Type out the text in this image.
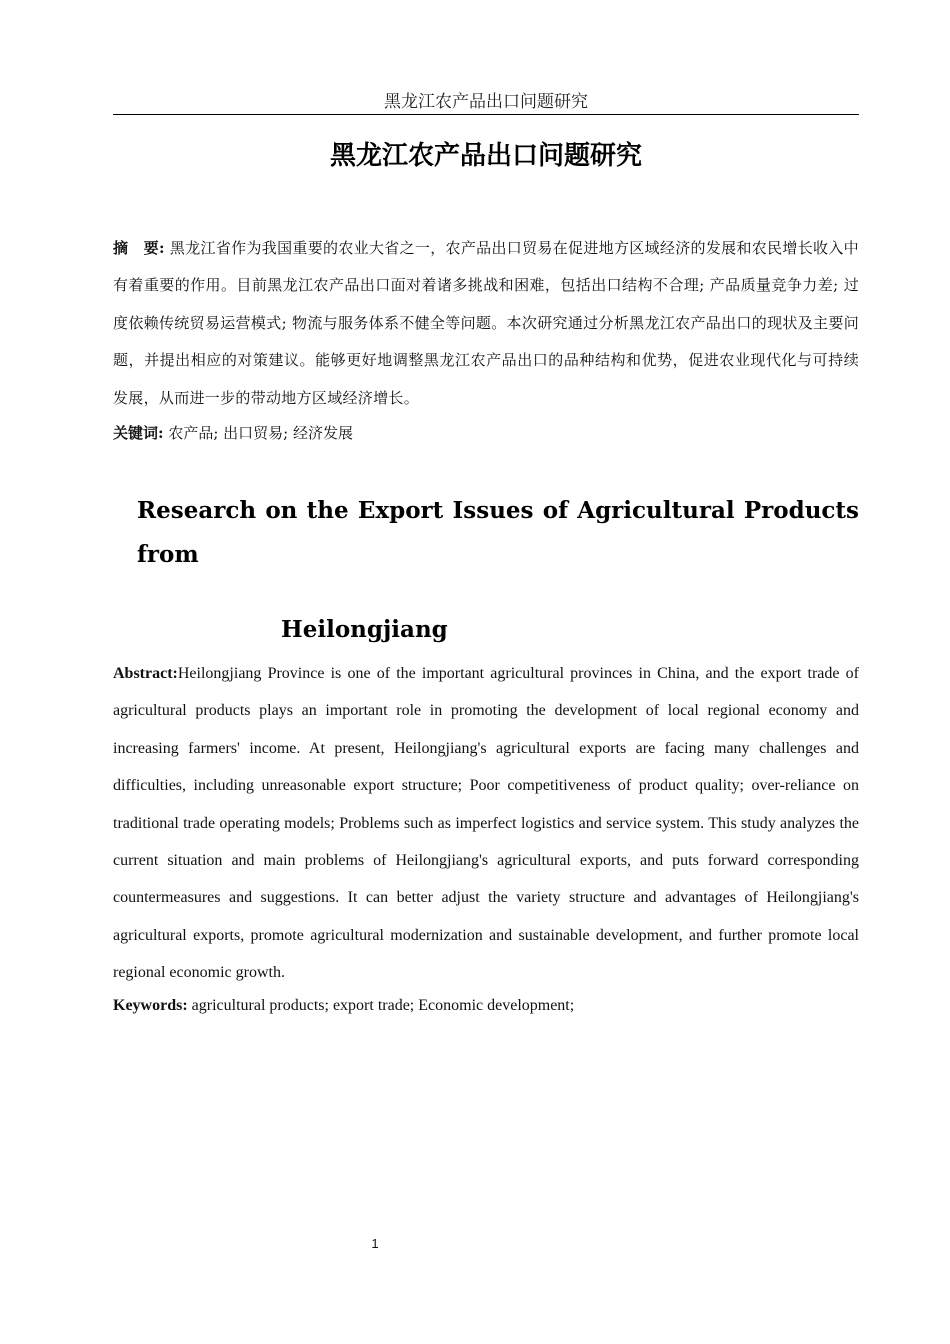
黑龙江农产品出口问题研究
黑龙江农产品出口问题研究
摘　要: 黑龙江省作为我国重要的农业大省之一，农产品出口贸易在促进地方区域经济的发展和农民增长收入中有着重要的作用。目前黑龙江农产品出口面对着诸多挑战和困难，包括出口结构不合理; 产品质量竞争力差; 过度依赖传统贸易运营模式; 物流与服务体系不健全等问题。本次研究通过分析黑龙江农产品出口的现状及主要问题，并提出相应的对策建议。能够更好地调整黑龙江农产品出口的品种结构和优势，促进农业现代化与可持续发展，从而进一步的带动地方区域经济增长。
关键词: 农产品; 出口贸易; 经济发展
Research on the Export Issues of Agricultural Products from
Heilongjiang
Abstract:Heilongjiang Province is one of the important agricultural provinces in China, and the export trade of agricultural products plays an important role in promoting the development of local regional economy and increasing farmers' income. At present, Heilongjiang's agricultural exports are facing many challenges and difficulties, including unreasonable export structure; Poor competitiveness of product quality; over-reliance on traditional trade operating models; Problems such as imperfect logistics and service system. This study analyzes the current situation and main problems of Heilongjiang's agricultural exports, and puts forward corresponding countermeasures and suggestions. It can better adjust the variety structure and advantages of Heilongjiang's agricultural exports, promote agricultural modernization and sustainable development, and further promote local regional economic growth.
Keywords: agricultural products; export trade; Economic development;
1
